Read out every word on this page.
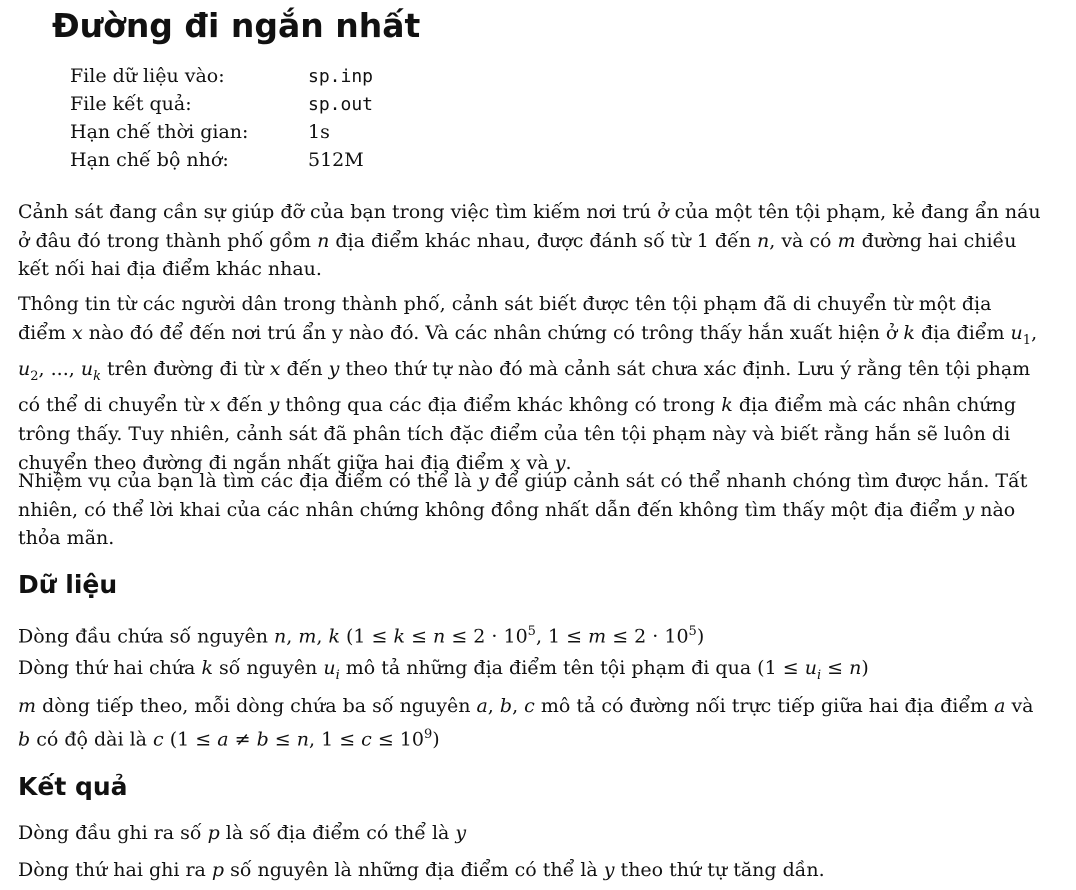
Đường đi ngắn nhất
File dữ liệu vào:	sp.inp
File kết quả:	sp.out
Hạn chế thời gian:	1s
Hạn chế bộ nhớ:	512M

Cảnh sát đang cần sự giúp đỡ của bạn trong việc tìm kiếm nơi trú ở của một tên tội phạm, kẻ đang ẩn náu ở đâu đó trong thành phố gồm n địa điểm khác nhau, được đánh số từ 1 đến n, và có m đường hai chiều kết nối hai địa điểm khác nhau.

Thông tin từ các người dân trong thành phố, cảnh sát biết được tên tội phạm đã di chuyển từ một địa điểm x nào đó để đến nơi trú ẩn y nào đó. Và các nhân chứng có trông thấy hắn xuất hiện ở k địa điểm $u_1$, $u_2$, ..., $u_k$ trên đường đi từ x đến y theo thứ tự nào đó mà cảnh sát chưa xác định. Lưu ý rằng tên tội phạm có thể di chuyển từ x đến y thông qua các địa điểm khác không có trong k địa điểm mà các nhân chứng trông thấy. Tuy nhiên, cảnh sát đã phân tích đặc điểm của tên tội phạm này và biết rằng hắn sẽ luôn di chuyển theo đường đi ngắn nhất giữa hai địa điểm x và y.

Nhiệm vụ của bạn là tìm các địa điểm có thể là y để giúp cảnh sát có thể nhanh chóng tìm được hắn. Tất nhiên, có thể lời khai của các nhân chứng không đồng nhất dẫn đến không tìm thấy một địa điểm y nào thỏa mãn.

Dữ liệu
Dòng đầu chứa số nguyên n, m, k ($1 \le k \le n \le 2 \cdot 10^5$, $1 \le m \le 2 \cdot 10^5$)
Dòng thứ hai chứa k số nguyên $u_i$ mô tả những địa điểm tên tội phạm đi qua $(1 \le u_i \le n)$

m dòng tiếp theo, mỗi dòng chứa ba số nguyên a, b, c mô tả có đường nối trực tiếp giữa hai địa điểm a và b có độ dài là c (1 ≤ a ≠ b ≤ n, $1 \le c \le 10^9$)

Kết quả
Dòng đầu ghi ra số p là số địa điểm có thể là y
Dòng thứ hai ghi ra p số nguyên là những địa điểm có thể là y theo thứ tự tăng dần.
